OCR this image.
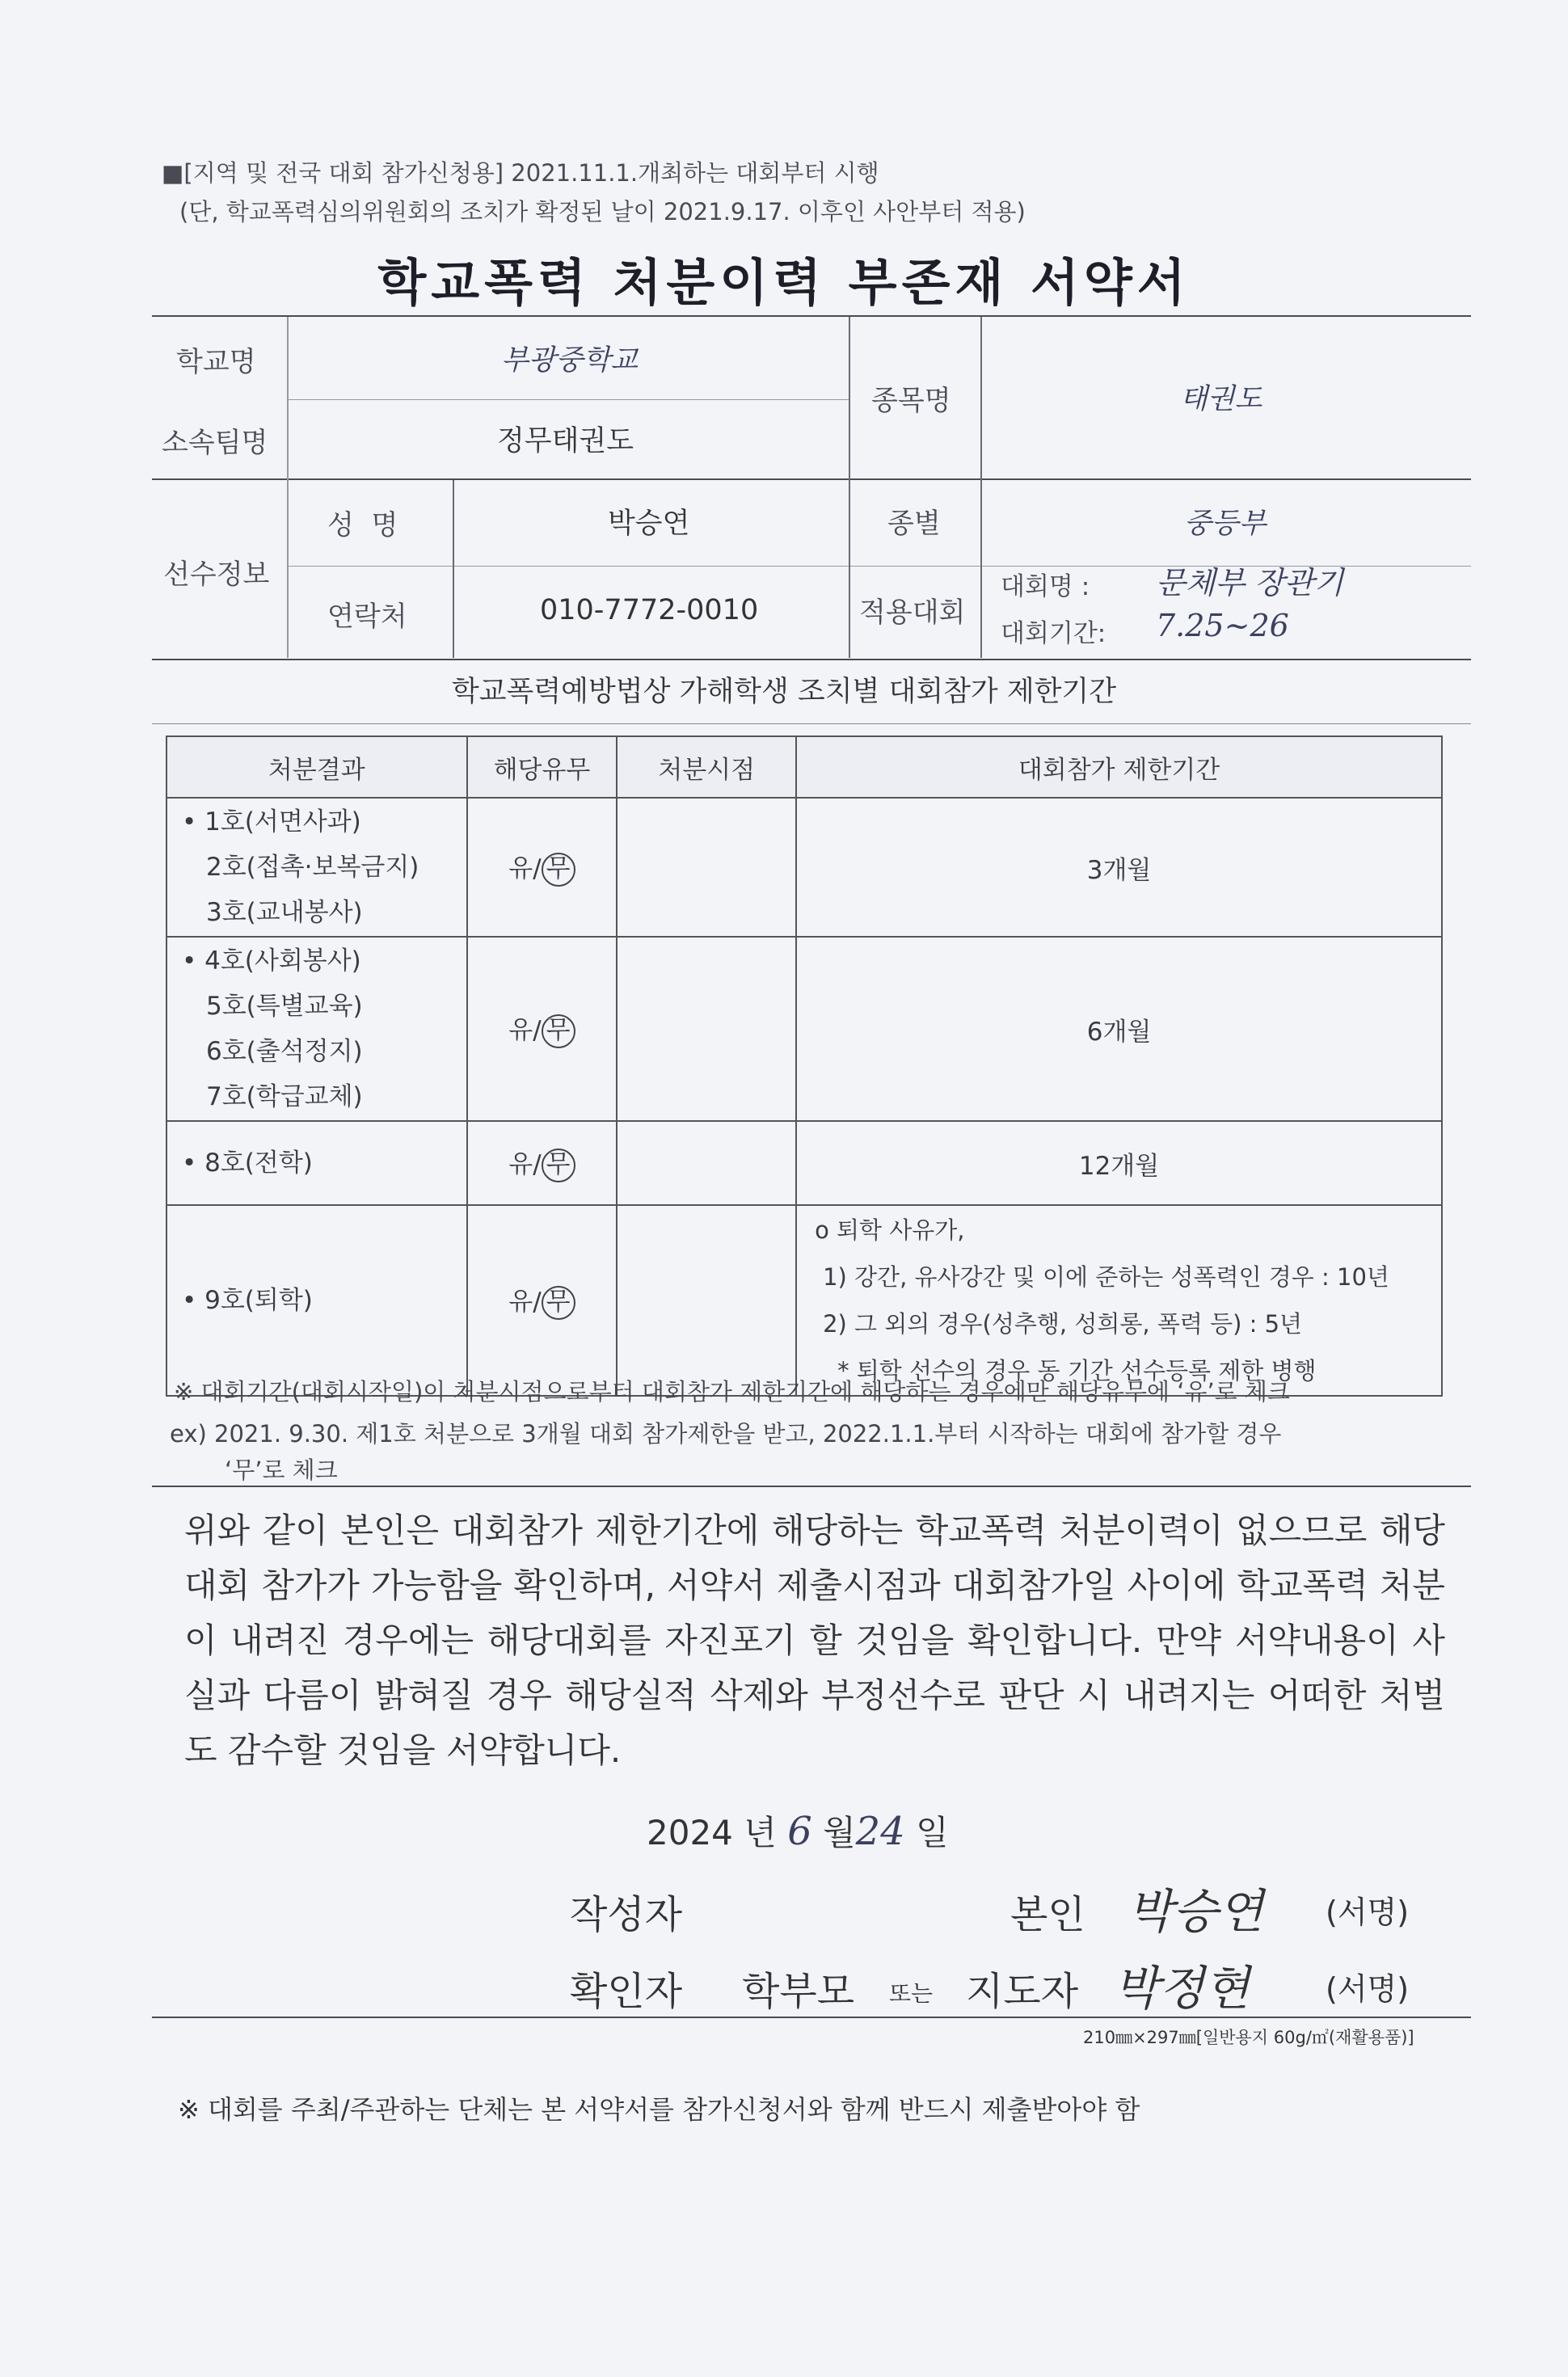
■[지역 및 전국 대회 참가신청용] 2021.11.1.개최하는 대회부터 시행
(단, 학교폭력심의위원회의 조치가 확정된 날이 2021.9.17. 이후인 사안부터 적용)
학교폭력 처분이력 부존재 서약서
학교명	부광중학교
소속팀명	정무태권도
종목명	태권도
선수정보
성  명	박승연	종별	중등부
연락처	010-7772-0010	적용대회
대회명 : 문체부 장관기
대회기간: 7.25~26
학교폭력예방법상 가해학생 조치별 대회참가 제한기간
처분결과	해당유무	처분시점	대회참가 제한기간

• 1호(서면사과)
2호(접촉·보복금지)
3호(교내봉사)	유/ 무		3개월

• 4호(사회봉사)
5호(특별교육)
6호(출석정지)
7호(학급교체)	유/ 무		6개월

• 8호(전학)	유/ 무		12개월

• 9호(퇴학)	유/ 무		o 퇴학 사유가,
1) 강간, 유사강간 및 이에 준하는 성폭력인 경우 : 10년
2) 그 외의 경우(성추행, 성희롱, 폭력 등) : 5년
* 퇴학 선수의 경우 동 기간 선수등록 제한 병행
※ 대회기간(대회시작일)이 처분시점으로부터 대회참가 제한기간에 해당하는 경우에만 해당유무에 ‘유’로 체크
ex) 2021. 9.30. 제1호 처분으로 3개월 대회 참가제한을 받고, 2022.1.1.부터 시작하는 대회에 참가할 경우
‘무’로 체크
위와 같이 본인은 대회참가 제한기간에 해당하는 학교폭력 처분이력이 없으므로 해당 대회 참가가 가능함을 확인하며, 서약서 제출시점과 대회참가일 사이에 학교폭력 처분이 내려진 경우에는 해당대회를 자진포기 할 것임을 확인합니다. 만약 서약내용이 사실과 다름이 밝혀질 경우 해당실적 삭제와 부정선수로 판단 시 내려지는 어떠한 처벌도 감수할 것임을 서약합니다.
2024 년 6 월24 일
작성자	본인 박승연 (서명)
확인자 학부모 또는 지도자 박정현 (서명)
210㎜×297㎜[일반용지 60g/㎡(재활용품)]
※ 대회를 주최/주관하는 단체는 본 서약서를 참가신청서와 함께 반드시 제출받아야 함
